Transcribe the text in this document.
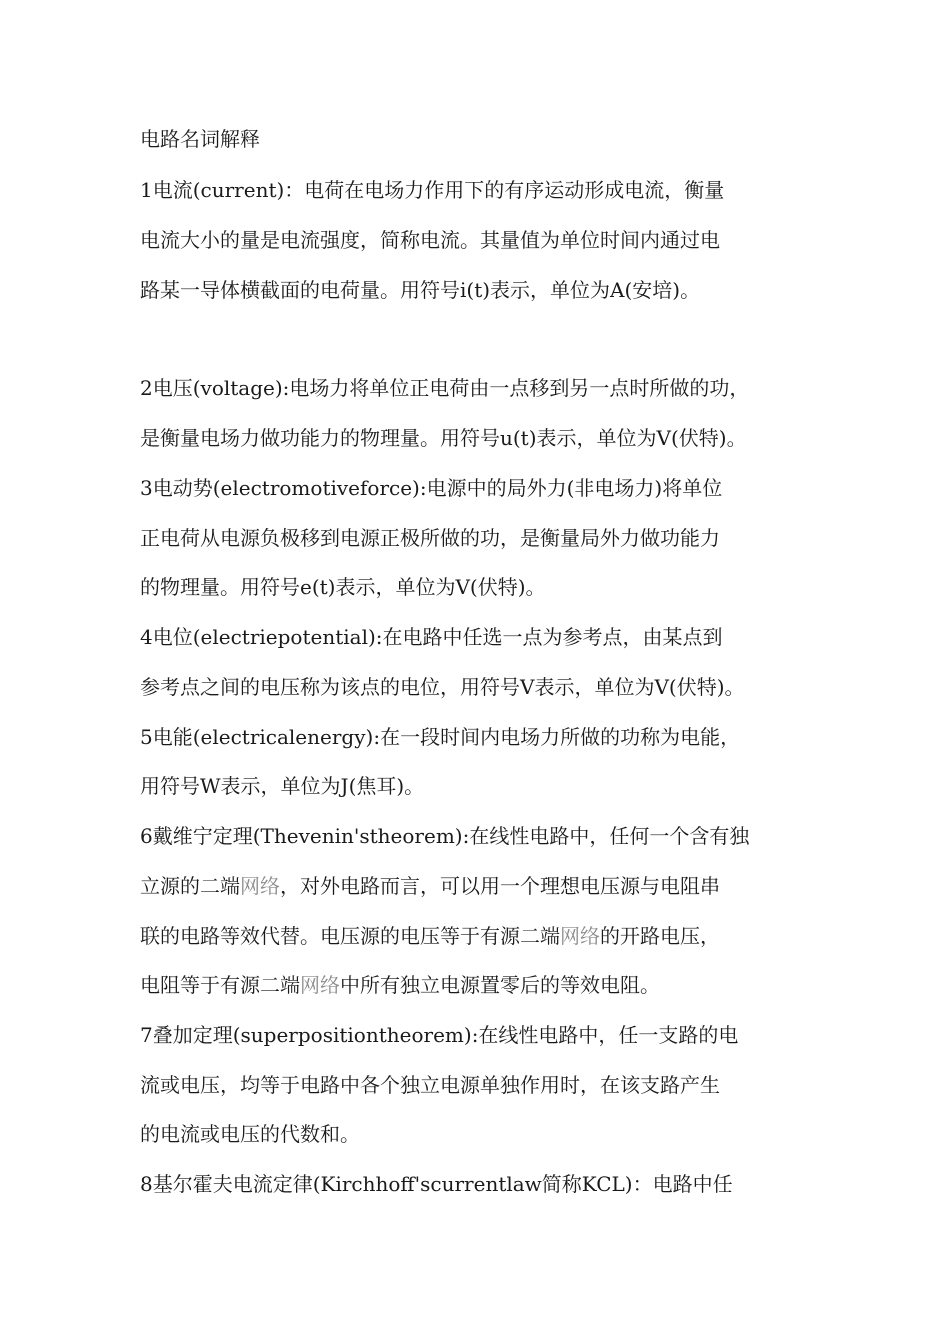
电路名词解释
1电流(current)：电荷在电场力作用下的有序运动形成电流，衡量
电流大小的量是电流强度，简称电流。其量值为单位时间内通过电
路某一导体横截面的电荷量。用符号i(t)表示，单位为A(安培)。
2电压(voltage):电场力将单位正电荷由一点移到另一点时所做的功，
是衡量电场力做功能力的物理量。用符号u(t)表示，单位为V(伏特)。
3电动势(electromotiveforce):电源中的局外力(非电场力)将单位
正电荷从电源负极移到电源正极所做的功，是衡量局外力做功能力
的物理量。用符号e(t)表示，单位为V(伏特)。
4电位(electriepotential):在电路中任选一点为参考点，由某点到
参考点之间的电压称为该点的电位，用符号V表示，单位为V(伏特)。
5电能(electricalenergy):在一段时间内电场力所做的功称为电能，
用符号W表示，单位为J(焦耳)。
6戴维宁定理(Thevenin'stheorem):在线性电路中，任何一个含有独
立源的二端网络，对外电路而言，可以用一个理想电压源与电阻串
联的电路等效代替。电压源的电压等于有源二端网络的开路电压，
电阻等于有源二端网络中所有独立电源置零后的等效电阻。
7叠加定理(superpositiontheorem):在线性电路中，任一支路的电
流或电压，均等于电路中各个独立电源单独作用时，在该支路产生
的电流或电压的代数和。
8基尔霍夫电流定律(Kirchhoff'scurrentlaw简称KCL)：电路中任
